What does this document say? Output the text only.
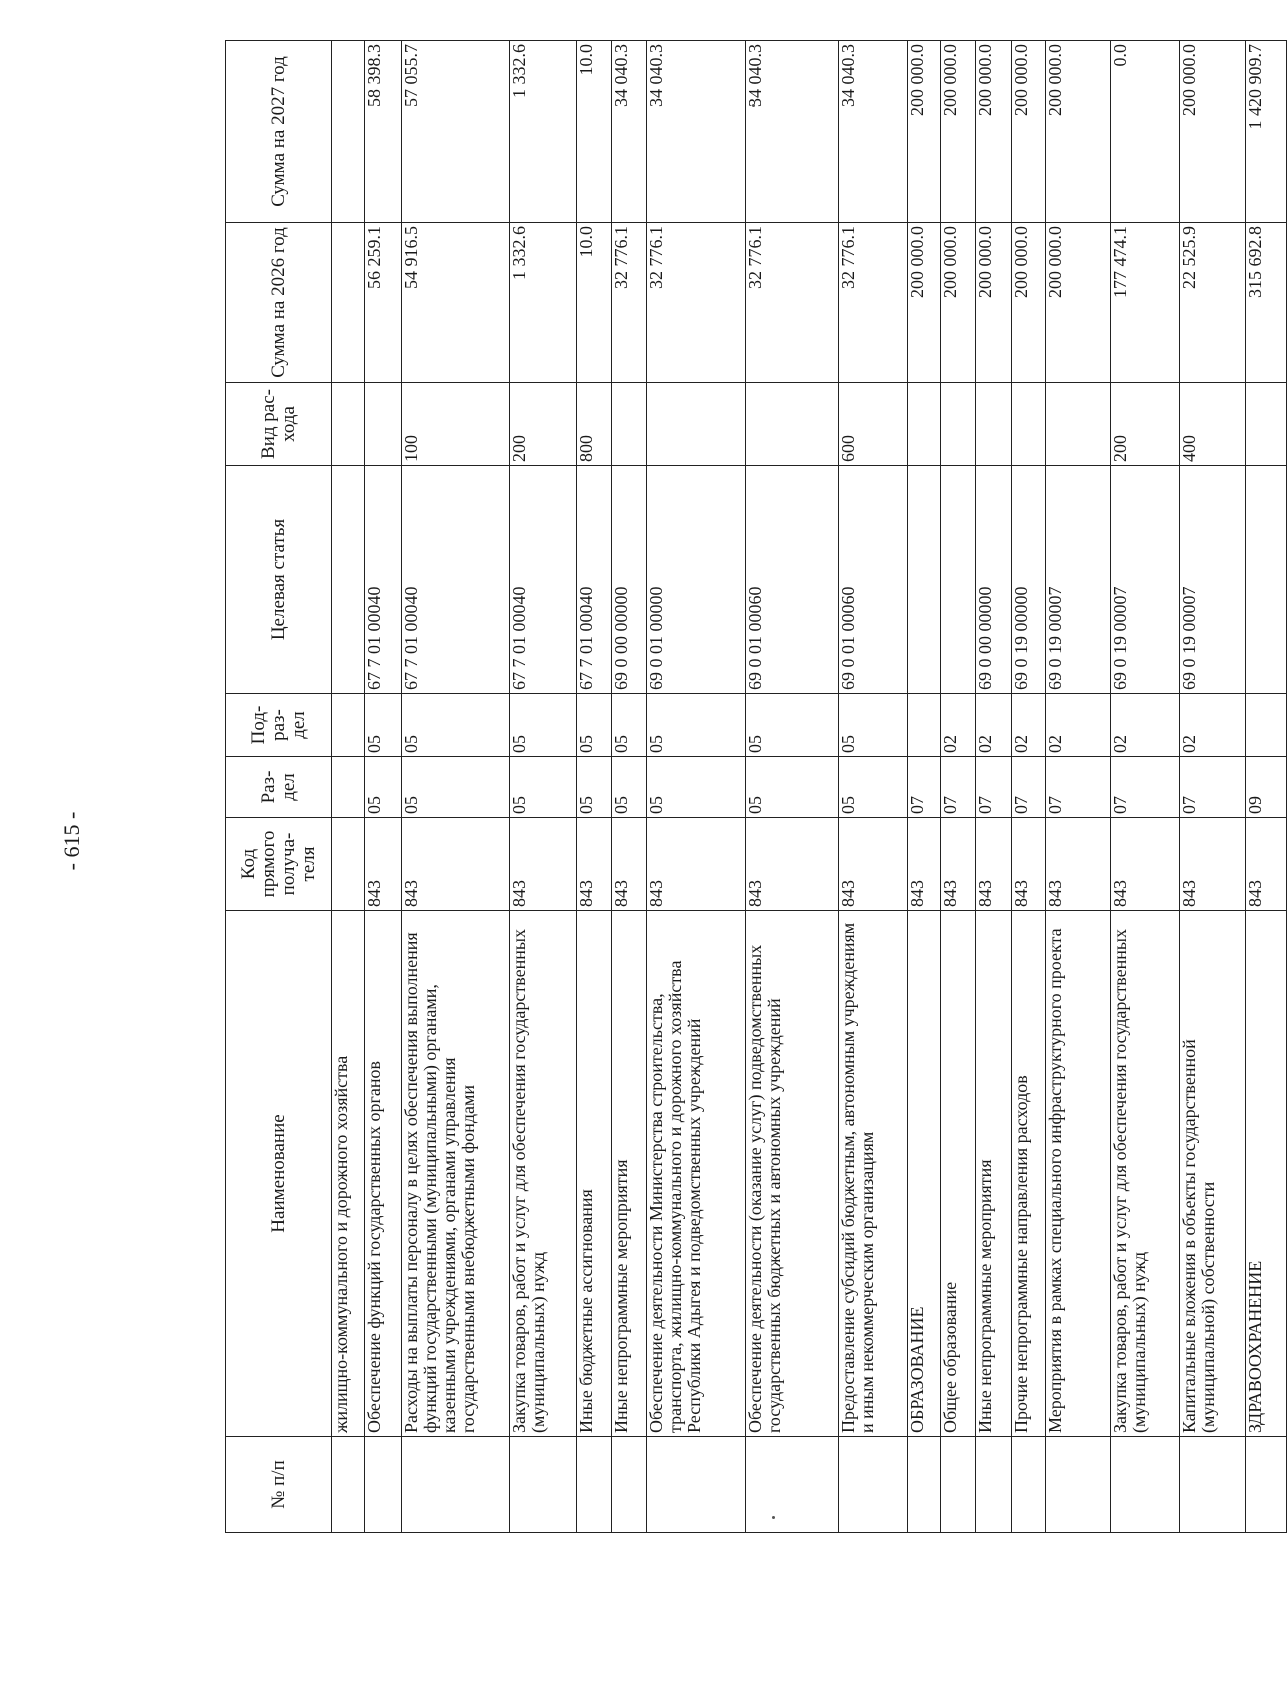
- 615 -
№ п/п	Наименование	Код прямого получа-теля	Раз-дел	Под-раз-дел	Целевая статья	Вид рас-хода	Сумма на 2026 год	Сумма на 2027 год
	жилищно-коммунального и дорожного хозяйства							
	Обеспечение функций государственных органов	843	05	05	67 7 01 00040		56 259.1	58 398.3
	Расходы на выплаты персоналу в целях обеспечения выполнения функций государственными (муниципальными) органами, казенными учреждениями, органами управления государственными внебюджетными фондами	843	05	05	67 7 01 00040	100	54 916.5	57 055.7
	Закупка товаров, работ и услуг для обеспечения государственных (муниципальных) нужд	843	05	05	67 7 01 00040	200	1 332.6	1 332.6
	Иные бюджетные ассигнования	843	05	05	67 7 01 00040	800	10.0	10.0
	Иные непрограммные мероприятия	843	05	05	69 0 00 00000		32 776.1	34 040.3
	Обеспечение деятельности Министерства строительства, транспорта, жилищно-коммунального и дорожного хозяйства Республики Адыгея и подведомственных учреждений	843	05	05	69 0 01 00000		32 776.1	34 040.3
	Обеспечение деятельности (оказание услуг) подведомственных государственных бюджетных и автономных учреждений	843	05	05	69 0 01 00060		32 776.1	34 040.3
	Предоставление субсидий бюджетным, автономным учреждениям и иным некоммерческим организациям	843	05	05	69 0 01 00060	600	32 776.1	34 040.3
	ОБРАЗОВАНИЕ	843	07				200 000.0	200 000.0
	Общее образование	843	07	02			200 000.0	200 000.0
	Иные непрограммные мероприятия	843	07	02	69 0 00 00000		200 000.0	200 000.0
	Прочие непрограммные направления расходов	843	07	02	69 0 19 00000		200 000.0	200 000.0
	Мероприятия в рамках специального инфраструктурного проекта	843	07	02	69 0 19 00007		200 000.0	200 000.0
	Закупка товаров, работ и услуг для обеспечения государственных (муниципальных) нужд	843	07	02	69 0 19 00007	200	177 474.1	0.0
	Капитальные вложения в объекты государственной (муниципальной) собственности	843	07	02	69 0 19 00007	400	22 525.9	200 000.0
	ЗДРАВООХРАНЕНИЕ	843	09				315 692.8	1 420 909.7
